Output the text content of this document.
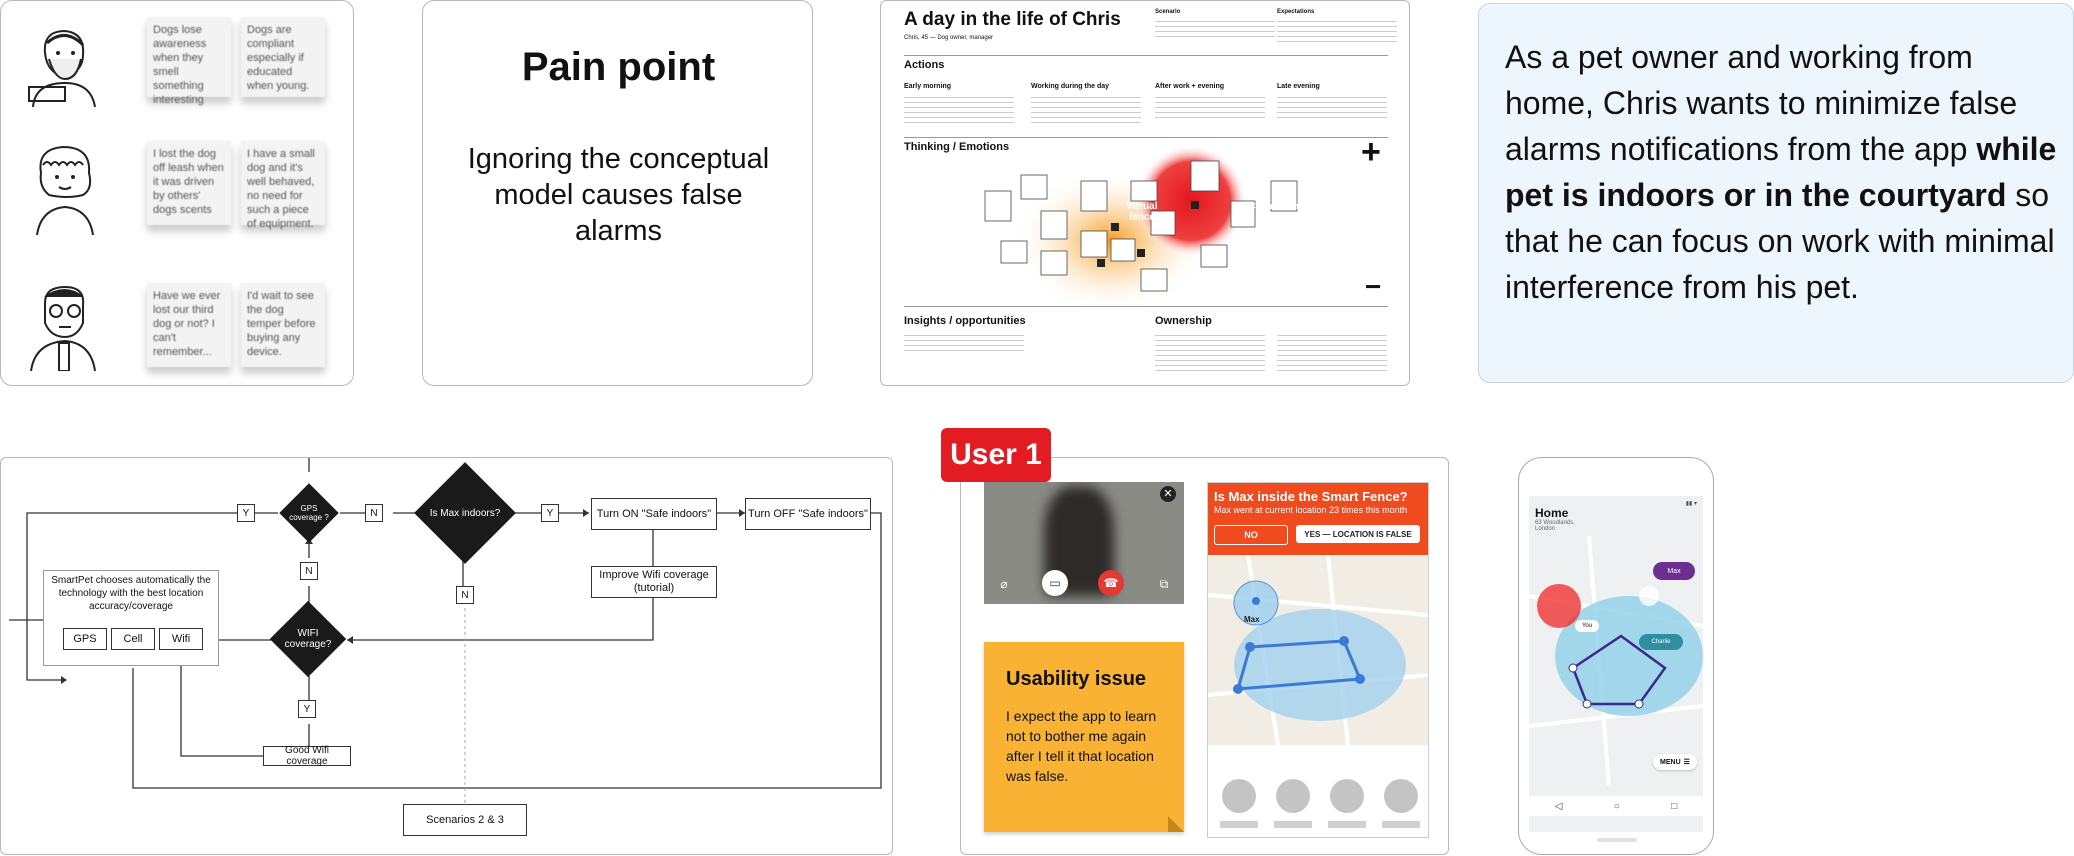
Dogs lose awareness when they smell something interesting
Dogs are compliant especially if educated when young.
I lost the dog off leash when it was driven by others' dogs scents
I have a small dog and it's well behaved, no need for such a piece of equipment.
Have we ever lost our third dog or not? I can't remember...
I'd wait to see the dog temper before buying any device.
Pain point
Ignoring the conceptual model causes false alarms
A day in the life of Chris
Chris, 45 — Dog owner, manager
Scenario	Expectations
Actions
Early morning	Working during the day	After work + evening	Late evening
Thinking / Emotions
Virtual fence
Connection & signal
+
−
Insights / opportunities	Ownership
As a pet owner and working from home, Chris wants to minimize false alarms notifications from the app while pet is indoors or in the courtyard so that he can focus on work with minimal interference from his pet.
Y	GPS coverage ?	N	Is Max indoors?	Y	Turn ON "Safe indoors"	Turn OFF "Safe indoors"
N
N
Improve Wifi coverage (tutorial)
SmartPet chooses automatically the technology with the best location accuracy/coverage
GPS	Cell	Wifi	WIFI coverage?
Y
Good Wifi coverage
Scenarios 2 & 3
✕
⌀	▭	☎	⧉
User 1
Usability issue
I expect the app to learn not to bother me again after I tell it that location was false.
Is Max inside the Smart Fence?
Max went at current location 23 times this month
NO	YES — LOCATION IS FALSE
Max
▮▮ ▾
Home
63 Woodlands, London
Max
You
Charlie
MENU ☰
◁	○	□
